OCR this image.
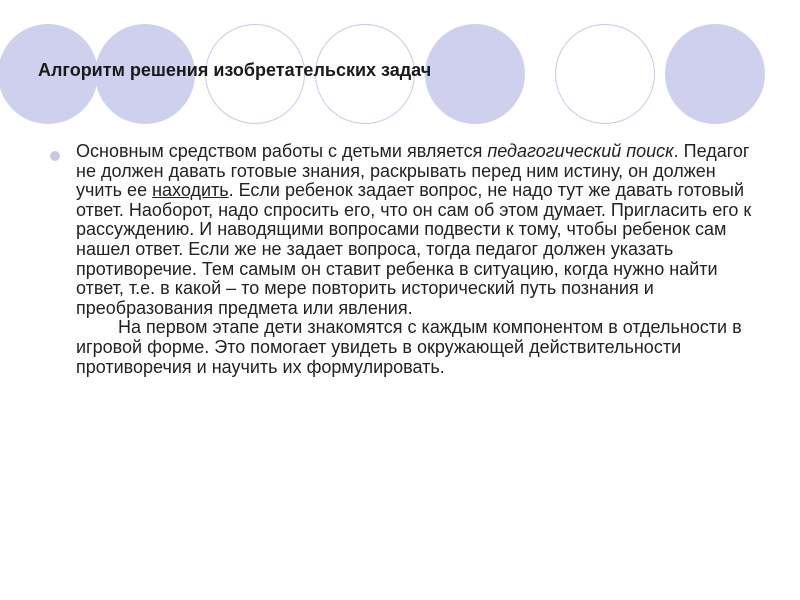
Алгоритм решения изобретательских задач
Основным средством работы с детьми является педагогический поиск. Педагог не должен давать готовые знания, раскрывать перед ним истину, он должен учить ее находить. Если ребенок задает вопрос, не надо тут же давать готовый ответ. Наоборот, надо спросить его, что он сам об этом думает. Пригласить его к рассуждению. И наводящими вопросами подвести к тому, чтобы ребенок сам нашел ответ. Если же не задает вопроса, тогда педагог должен указать противоречие. Тем самым он ставит ребенка в ситуацию, когда нужно найти ответ, т.е. в какой – то мере повторить исторический путь познания и преобразования предмета или явления.
На первом этапе дети знакомятся с каждым компонентом в отдельности в игровой форме. Это помогает увидеть в окружающей действительности противоречия и научить их формулировать.
